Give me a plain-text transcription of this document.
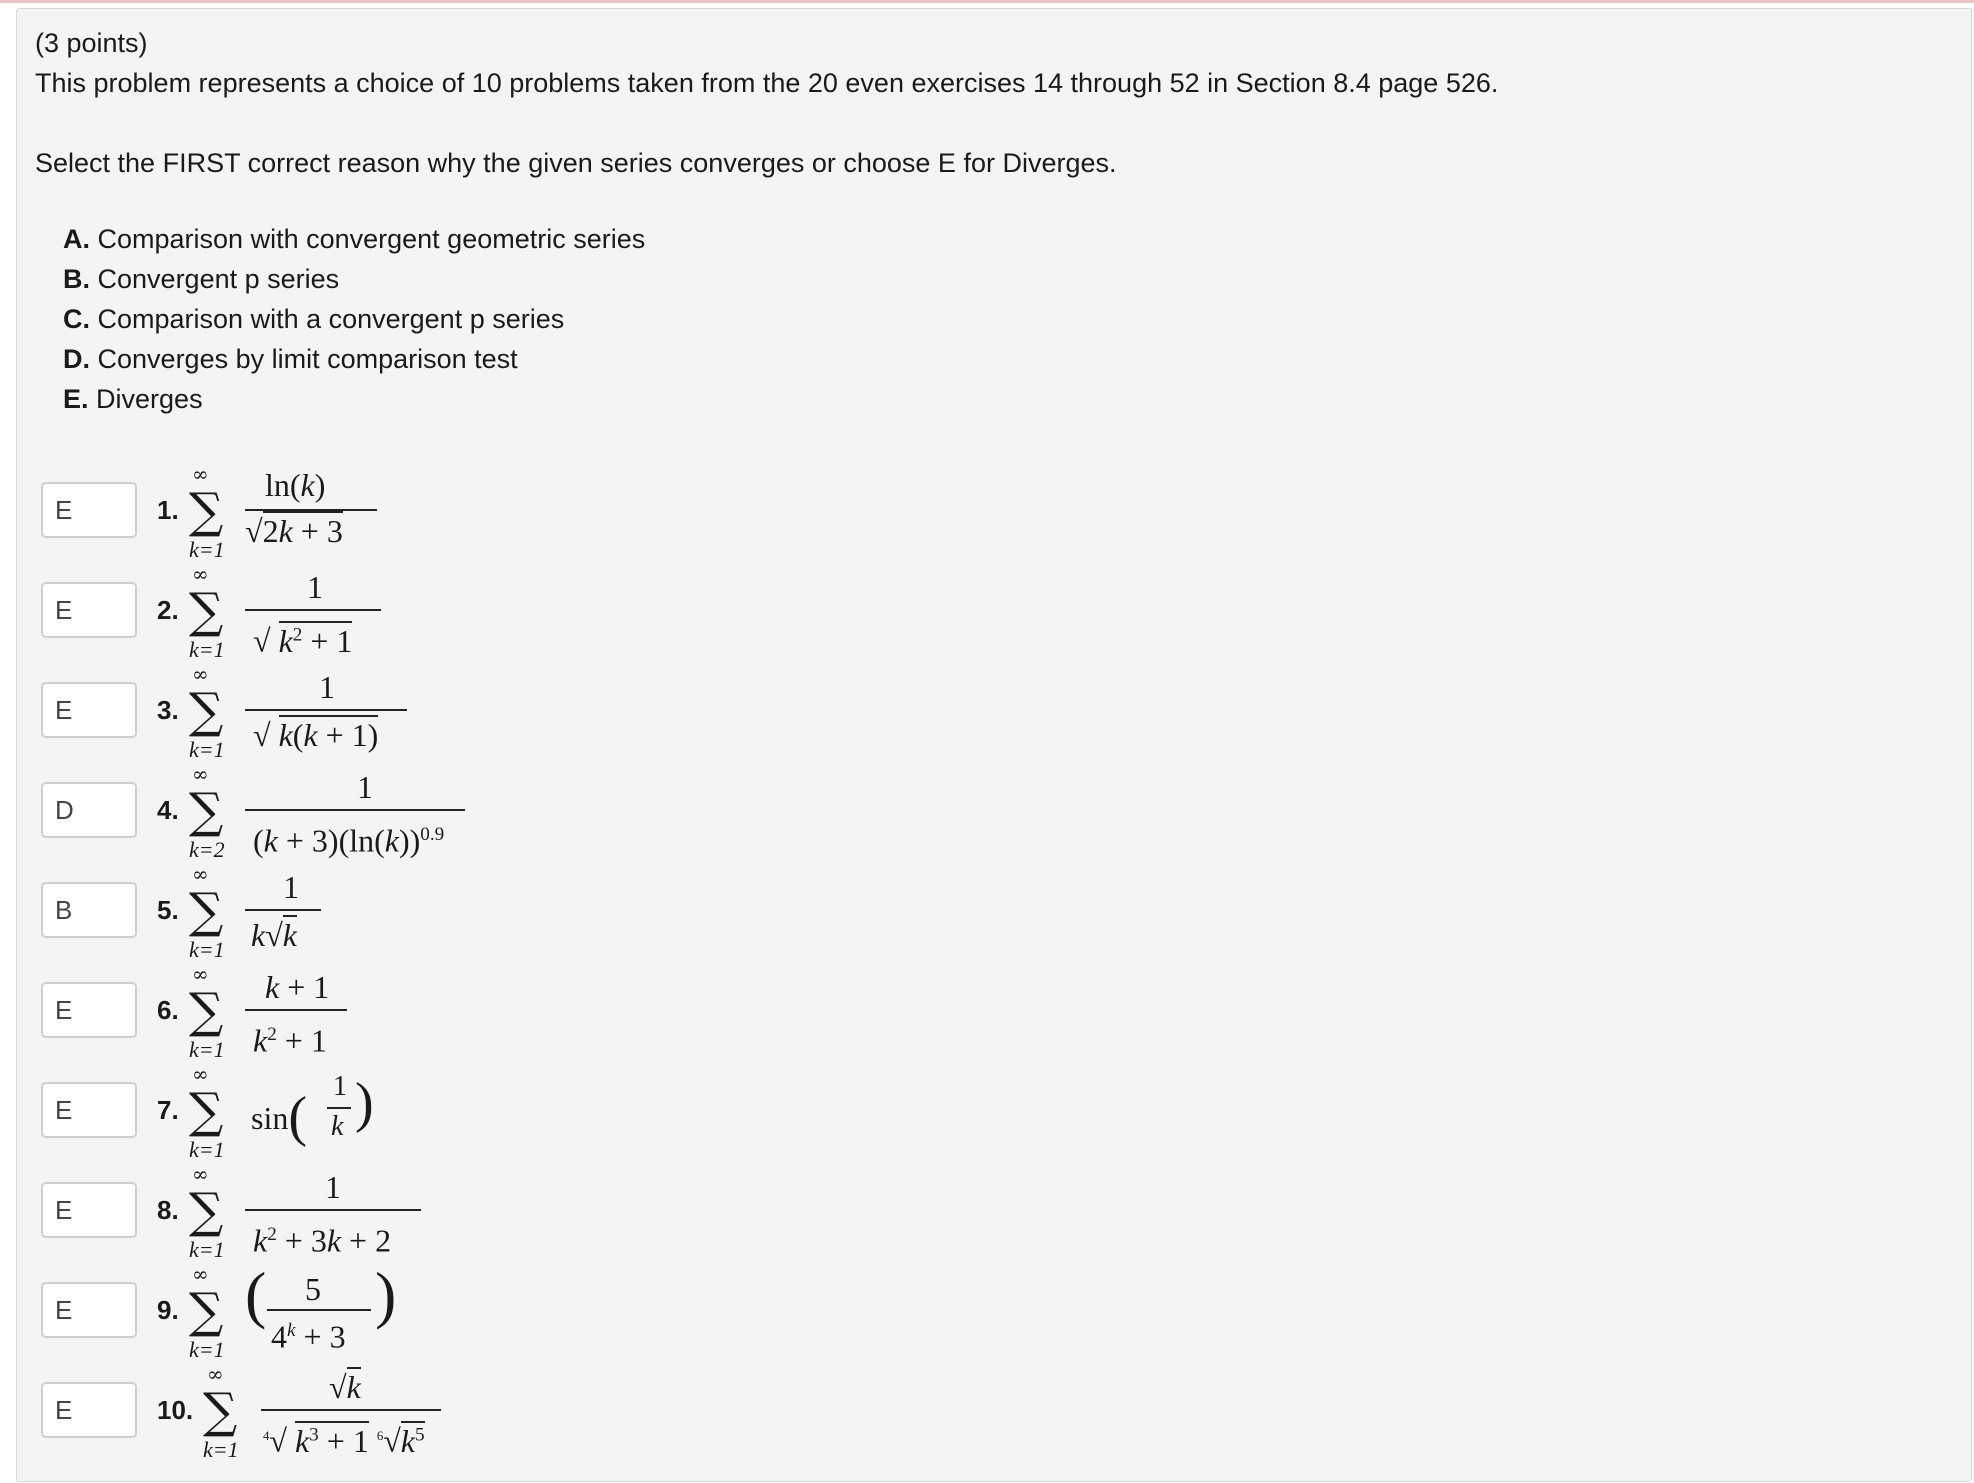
(3 points)
This problem represents a choice of 10 problems taken from the 20 even exercises 14 through 52 in Section 8.4 page 526.
Select the FIRST correct reason why the given series converges or choose E for Diverges.
A. Comparison with convergent geometric series
B. Convergent p series
C. Comparison with a convergent p series
D. Converges by limit comparison test
E. Diverges
E	1.
∞
∑
k=1
ln(k)
√2k + 3
E	2.
∞
∑
k=1
1
√ $k^2 + 1$
E	3.
∞
∑
k=1
1
√ k(k + 1)
D	4.
∞
∑
k=2
1
$(k + 3)(\ln(k))^{0.9}$
B	5.
∞
∑
k=1
1
k√k
E	6.
∞
∑
k=1
k + 1
$k^2 + 1$
E	7.
∞
∑
k=1
sin( 1
k )
E	8.
∞
∑
k=1
1
$k^2 + 3k + 2$
E	9.
∞
∑
k=1
( 5
$4^k + 3$
)
E	10.
∞
∑
k=1
√k
$^4$√ $k^3 + 1$ $^6√k^5$
